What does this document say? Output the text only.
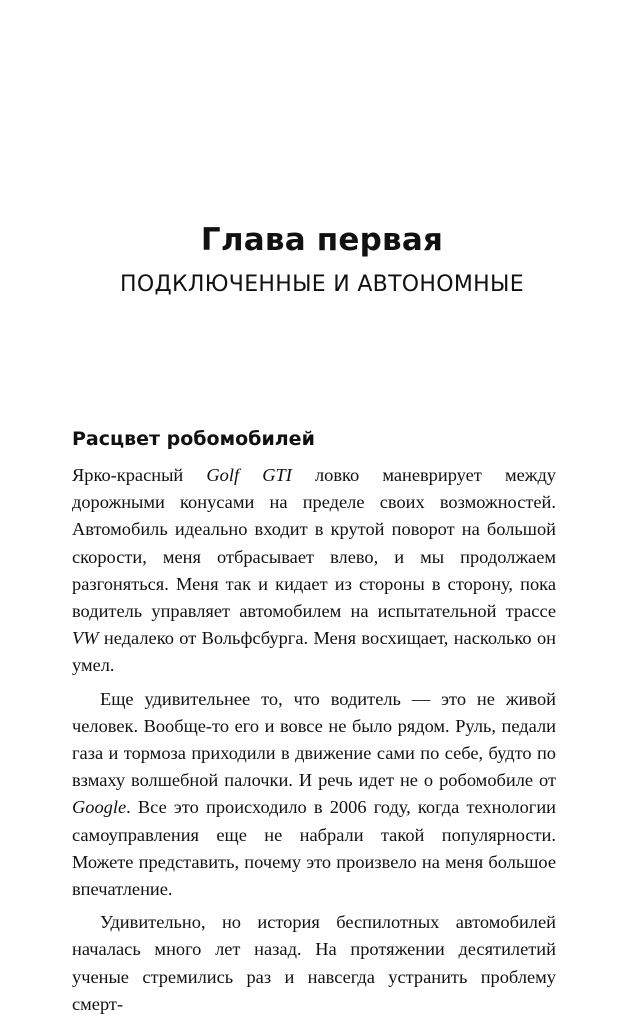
Глава первая
ПОДКЛЮЧЕННЫЕ И АВТОНОМНЫЕ
Расцвет робомобилей

Ярко-красный Golf GTI ловко маневрирует между дорожными конусами на пределе своих возможностей. Автомобиль идеально входит в крутой поворот на большой скорости, меня отбрасывает влево, и мы продолжаем разгоняться. Меня так и кидает из стороны в сторону, пока водитель управляет автомобилем на испытательной трассе VW недалеко от Вольфсбурга. Меня восхищает, насколько он умел.

Еще удивительнее то, что водитель — это не живой человек. Вообще-то его и вовсе не было рядом. Руль, педали газа и тормоза приходили в движение сами по себе, будто по взмаху волшебной палочки. И речь идет не о робомобиле от Google. Все это происходило в 2006 году, когда технологии самоуправления еще не набрали такой популярности. Можете представить, почему это произвело на меня большое впечатление.

Удивительно, но история беспилотных автомобилей началась много лет назад. На протяжении десятилетий ученые стремились раз и навсегда устранить проблему смерт-
